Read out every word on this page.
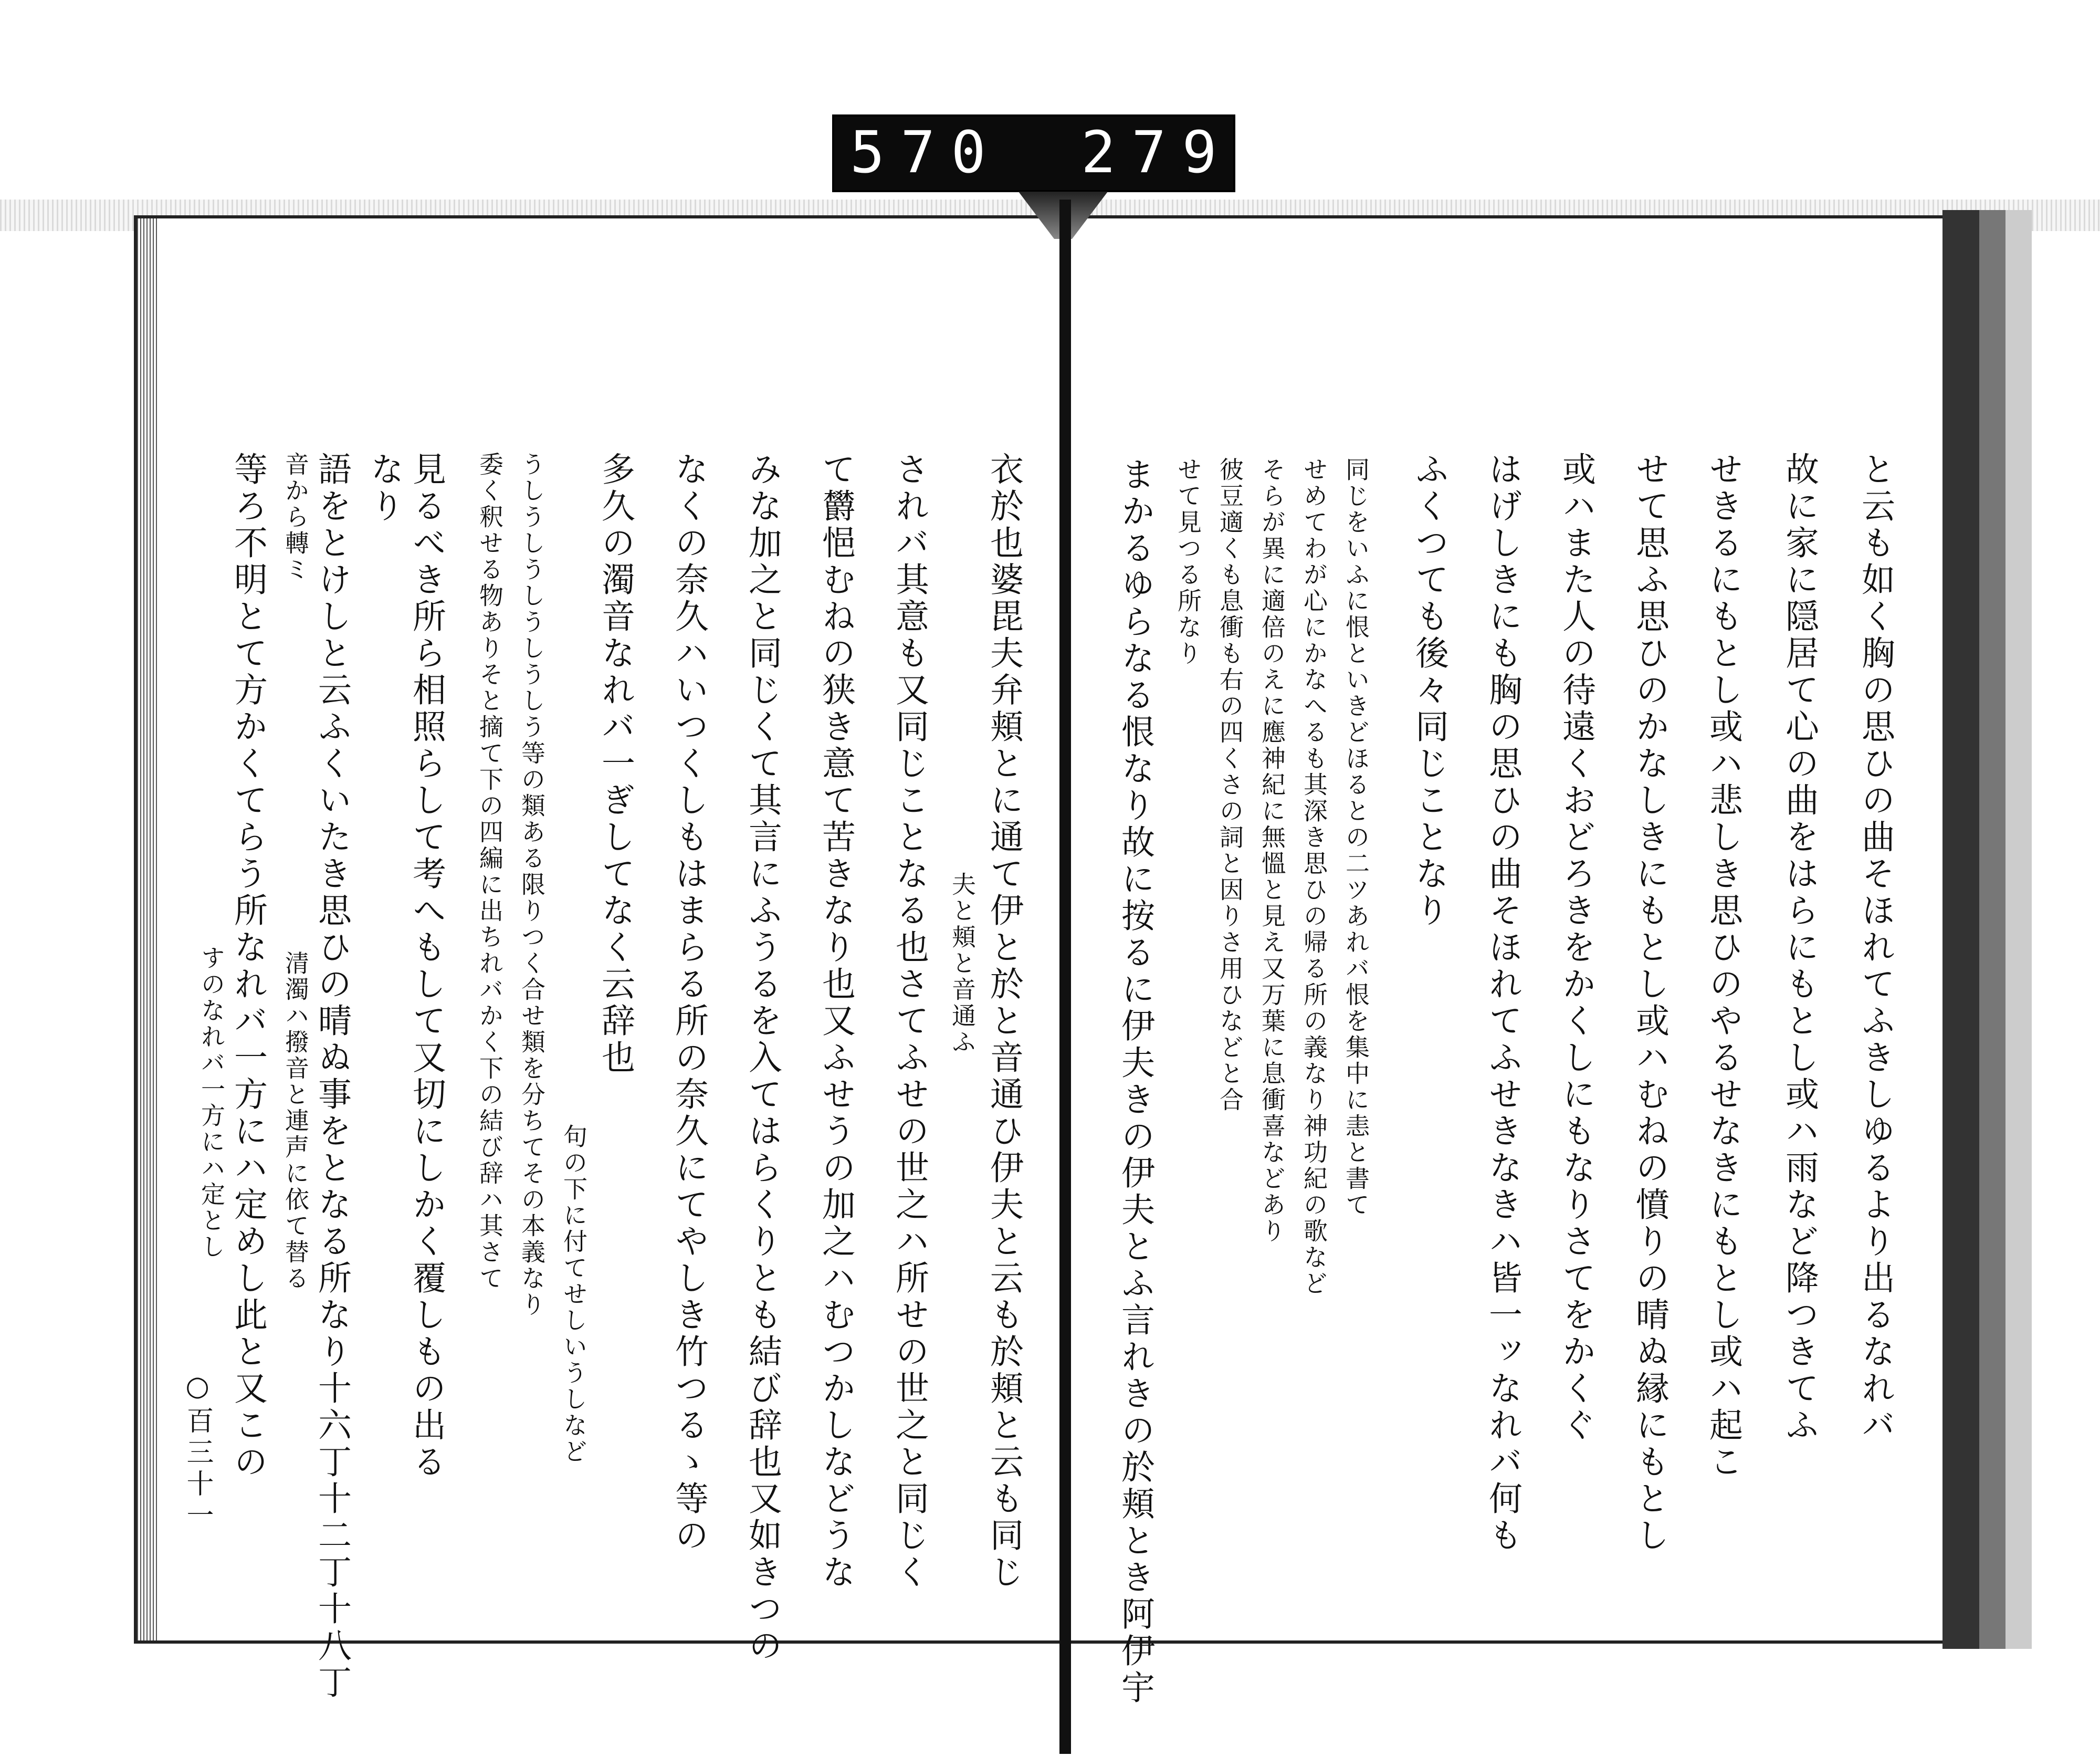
570 279.
と云も如く胸の思ひの曲そほれてふきしゆるより出るなれバ
故に家に隠居て心の曲をはらにもとし或ハ雨など降つきてふ
せきるにもとし或ハ悲しき思ひのやるせなきにもとし或ハ起こ
せて思ふ思ひのかなしきにもとし或ハむねの憤りの晴ぬ縁にもとし
或ハまた人の待遠くおどろきをかくしにもなりさてをかくぐ
はげしきにも胸の思ひの曲そほれてふせきなきハ皆一ッなれバ何も
ふくつても後々同じことなり
同じをいふに恨といきどほるとの二ツあれバ恨を集中に恚と書て
せめてわが心にかなへるも其深き思ひの帰る所の義なり神功紀の歌など
そらが異に適倍のえに應神紀に無慍と見え又万葉に息衝喜などあり
彼豆適くも息衝も右の四くさの詞と因りさ用ひなどと合
せて見つる所なり
まかるゆらなる恨なり故に按るに伊夫きの伊夫とふ言れきの於頬とき阿伊宇
衣於也婆毘夫弁頬とに通て伊と於と音通ひ伊夫と云も於頬と云も同じ
夫と頬と音通ふ
されバ其意も又同じことなる也さてふせの世之ハ所せの世之と同じく
て欝悒むねの狭き意て苦きなり也又ふせうの加之ハむつかしなどうな
みな加之と同じくて其言にふうるを入てはらくりとも結び辞也又如きつの
なくの奈久ハいつくしもはまらる所の奈久にてやしき竹つるゝ等の
多久の濁音なれバ一ぎしてなく云辞也
句の下に付てせしいうしなど
うしうしうしうしうしう等の類ある限りつく合せ類を分ちてその本義なり
委く釈せる物ありそと摘て下の四編に出ちれバかく下の結び辞ハ其さて
見るべき所ら相照らして考へもして又切にしかく覆しもの出る
なり
語をとけしと云ふくいたき思ひの晴ぬ事をとなる所なり十六丁十二丁十八丁
音から轉ミ
清濁ハ撥音と連声に依て替る
等ろ不明とて方かくてらう所なれバ一方にハ定めし此と又この
すのなれバ一方にハ定とし
○百三十一
